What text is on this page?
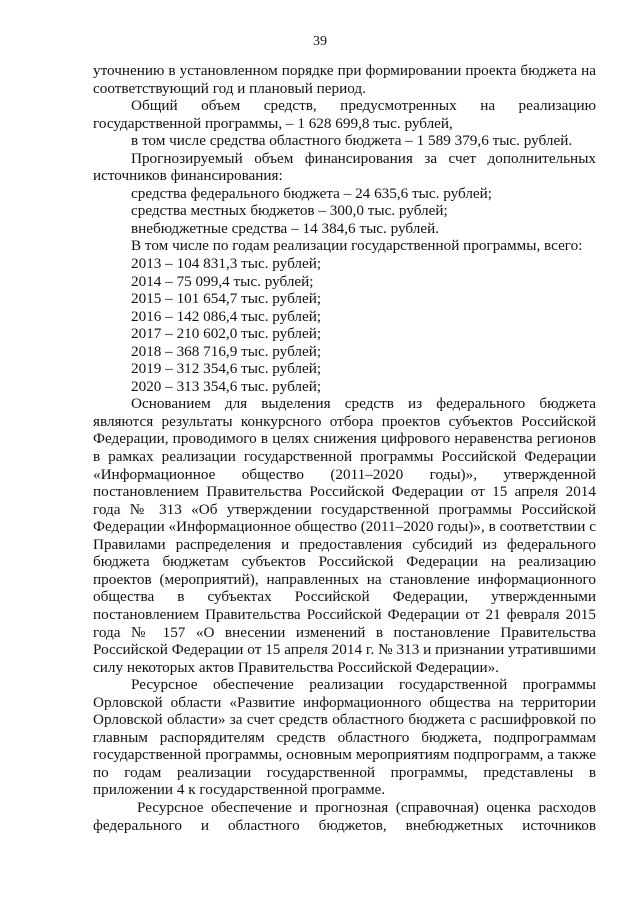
39

уточнению в установленном порядке при формировании проекта бюджета на соответствующий год и плановый период.

Общий объем средств, предусмотренных на реализацию государственной программы, – 1 628 699,8 тыс. рублей,

в том числе средства областного бюджета – 1 589 379,6 тыс. рублей.

Прогнозируемый объем финансирования за счет дополнительных источников финансирования:

средства федерального бюджета – 24 635,6 тыс. рублей;

средства местных бюджетов – 300,0 тыс. рублей;

внебюджетные средства – 14 384,6 тыс. рублей.

В том числе по годам реализации государственной программы, всего:

2013 – 104 831,3 тыс. рублей;

2014 – 75 099,4 тыс. рублей;

2015 – 101 654,7 тыс. рублей;

2016 – 142 086,4 тыс. рублей;

2017 – 210 602,0 тыс. рублей;

2018 – 368 716,9 тыс. рублей;

2019 – 312 354,6 тыс. рублей;

2020 – 313 354,6 тыс. рублей;

Основанием для выделения средств из федерального бюджета являются результаты конкурсного отбора проектов субъектов Российской Федерации, проводимого в целях снижения цифрового неравенства регионов в рамках реализации государственной программы Российской Федерации «Информационное общество (2011–2020 годы)», утвержденной постановлением Правительства Российской Федерации от 15 апреля 2014 года № 313 «Об утверждении государственной программы Российской Федерации «Информационное общество (2011–2020 годы)», в соответствии с Правилами распределения и предоставления субсидий из федерального бюджета бюджетам субъектов Российской Федерации на реализацию проектов (мероприятий), направленных на становление информационного общества в субъектах Российской Федерации, утвержденными постановлением Правительства Российской Федерации от 21 февраля 2015 года № 157 «О внесении изменений в постановление Правительства Российской Федерации от 15 апреля 2014 г. № 313 и признании утратившими силу некоторых актов Правительства Российской Федерации».

Ресурсное обеспечение реализации государственной программы Орловской области «Развитие информационного общества на территории Орловской области» за счет средств областного бюджета с расшифровкой по главным распорядителям средств областного бюджета, подпрограммам государственной программы, основным мероприятиям подпрограмм, а также по годам реализации государственной программы, представлены в приложении 4 к государственной программе.

Ресурсное обеспечение и прогнозная (справочная) оценка расходов федерального и областного бюджетов, внебюджетных источников
